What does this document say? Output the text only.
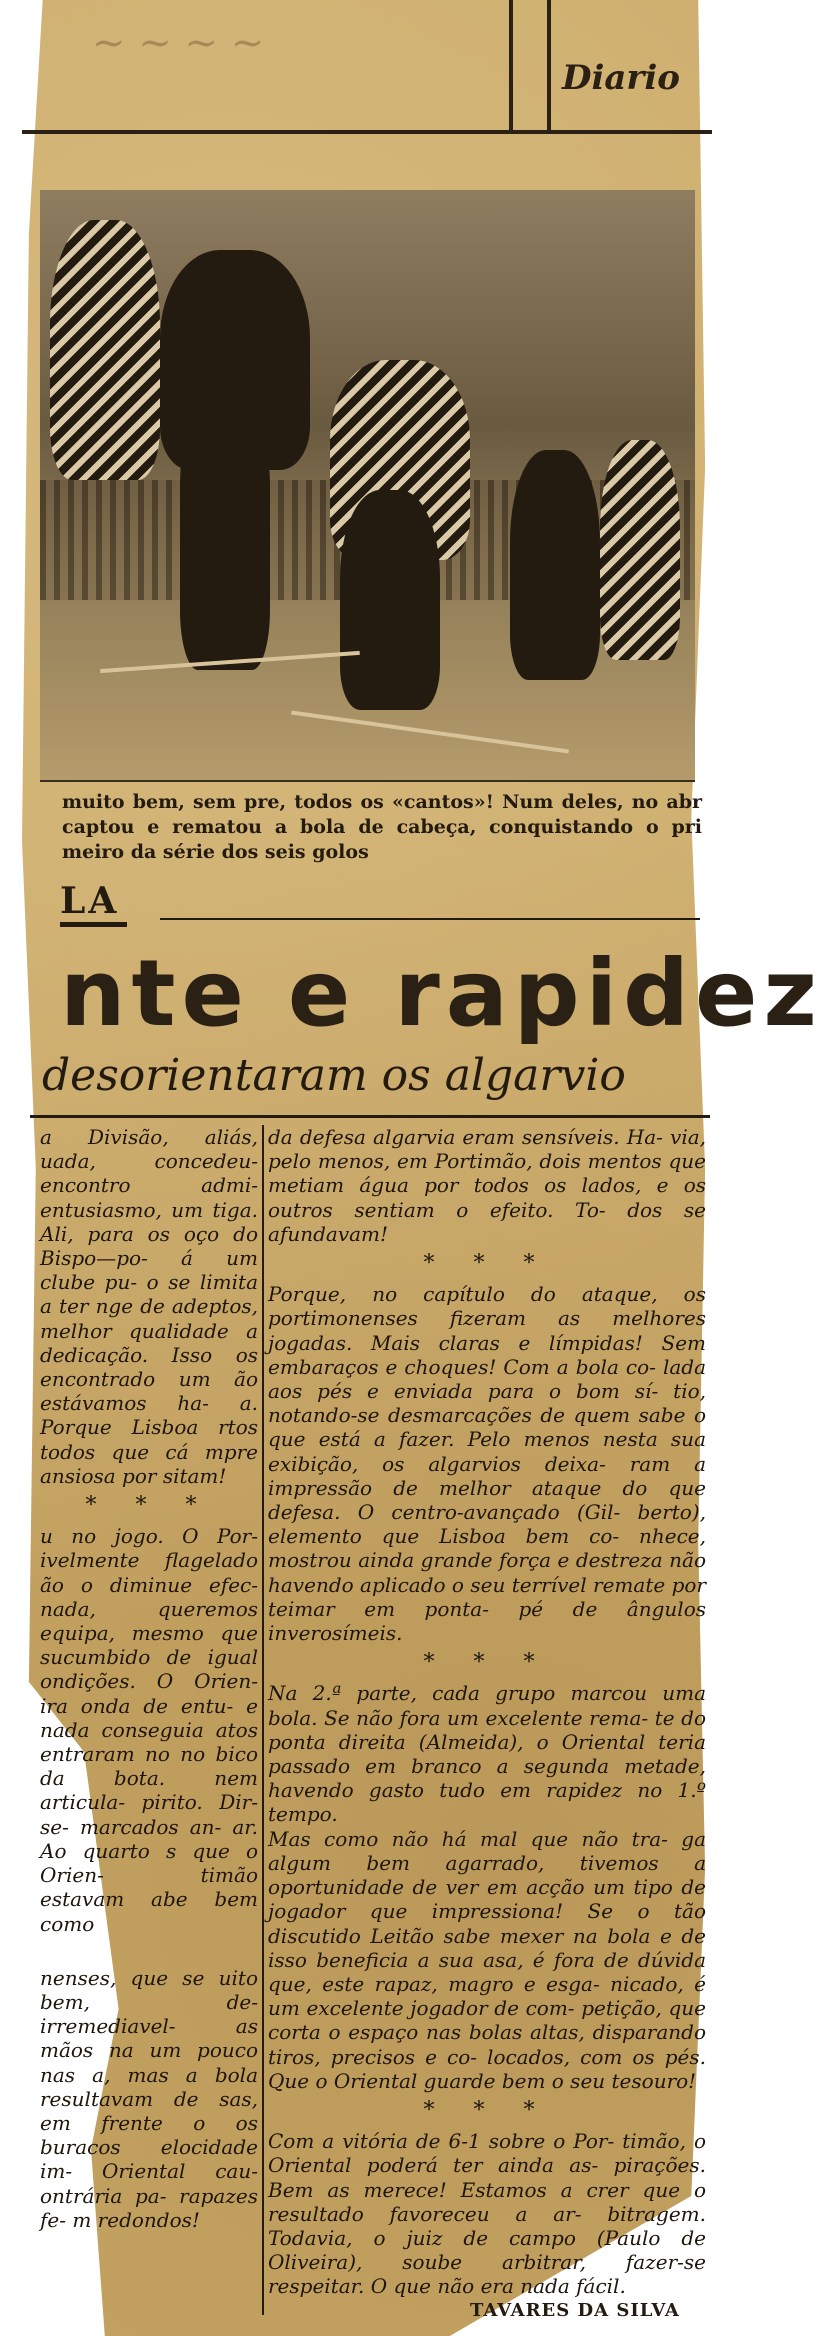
~ ~ ~ ~
Diario
muito bem, sem pre, todos os «cantos»! Num deles, no abr captou e rematou a bola de cabeça, conquistando o pri meiro da série dos seis golos
LA
nte e rapidez
desorientaram os algarvio

a Divisão, aliás, uada, concedeu- encontro admi- entusiasmo, um tiga. Ali, para os oço do Bispo—po- á um clube pu- o se limita a ter nge de adeptos, melhor qualidade a dedicação. Isso os encontrado um ão estávamos ha- a. Porque Lisboa rtos todos que cá mpre ansiosa por sitam!

* * *

u no jogo. O Por- ivelmente flagelado ão o diminue efec- nada, queremos equipa, mesmo que sucumbido de igual ondições. O Orien- ira onda de entu- e nada conseguia atos entraram no no bico da bota. nem articula- pirito. Dir-se- marcados an- ar. Ao quarto s que o Orien- timão estavam abe bem como

nenses, que se uito bem, de- irremediavel- as mãos na um pouco nas a, mas a bola resultavam de sas, em frente o os buracos elocidade im- Oriental cau- ontrária pa- rapazes fe- m redondos!

da defesa algarvia eram sensíveis. Ha- via, pelo menos, em Portimão, dois mentos que metiam água por todos os lados, e os outros sentiam o efeito. To- dos se afundavam!

* * *

Porque, no capítulo do ataque, os portimonenses fizeram as melhores jogadas. Mais claras e límpidas! Sem embaraços e choques! Com a bola co- lada aos pés e enviada para o bom sí- tio, notando-se desmarcações de quem sabe o que está a fazer. Pelo menos nesta sua exibição, os algarvios deixa- ram a impressão de melhor ataque do que defesa. O centro-avançado (Gil- berto), elemento que Lisboa bem co- nhece, mostrou ainda grande força e destreza não havendo aplicado o seu terrível remate por teimar em ponta- pé de ângulos inverosímeis.

* * *

Na 2.ª parte, cada grupo marcou uma bola. Se não fora um excelente rema- te do ponta direita (Almeida), o Oriental teria passado em branco a segunda metade, havendo gasto tudo em rapidez no 1.º tempo.

Mas como não há mal que não tra- ga algum bem agarrado, tivemos a oportunidade de ver em acção um tipo de jogador que impressiona! Se o tão discutido Leitão sabe mexer na bola e de isso beneficia a sua asa, é fora de dúvida que, este rapaz, magro e esga- nicado, é um excelente jogador de com- petição, que corta o espaço nas bolas altas, disparando tiros, precisos e co- locados, com os pés. Que o Oriental guarde bem o seu tesouro!

* * *

Com a vitória de 6-1 sobre o Por- timão, o Oriental poderá ter ainda as- pirações. Bem as merece! Estamos a crer que o resultado favoreceu a ar- bitragem. Todavia, o juiz de campo (Paulo de Oliveira), soube arbitrar, fazer-se respeitar. O que não era nada fácil.

TAVARES DA SILVA
